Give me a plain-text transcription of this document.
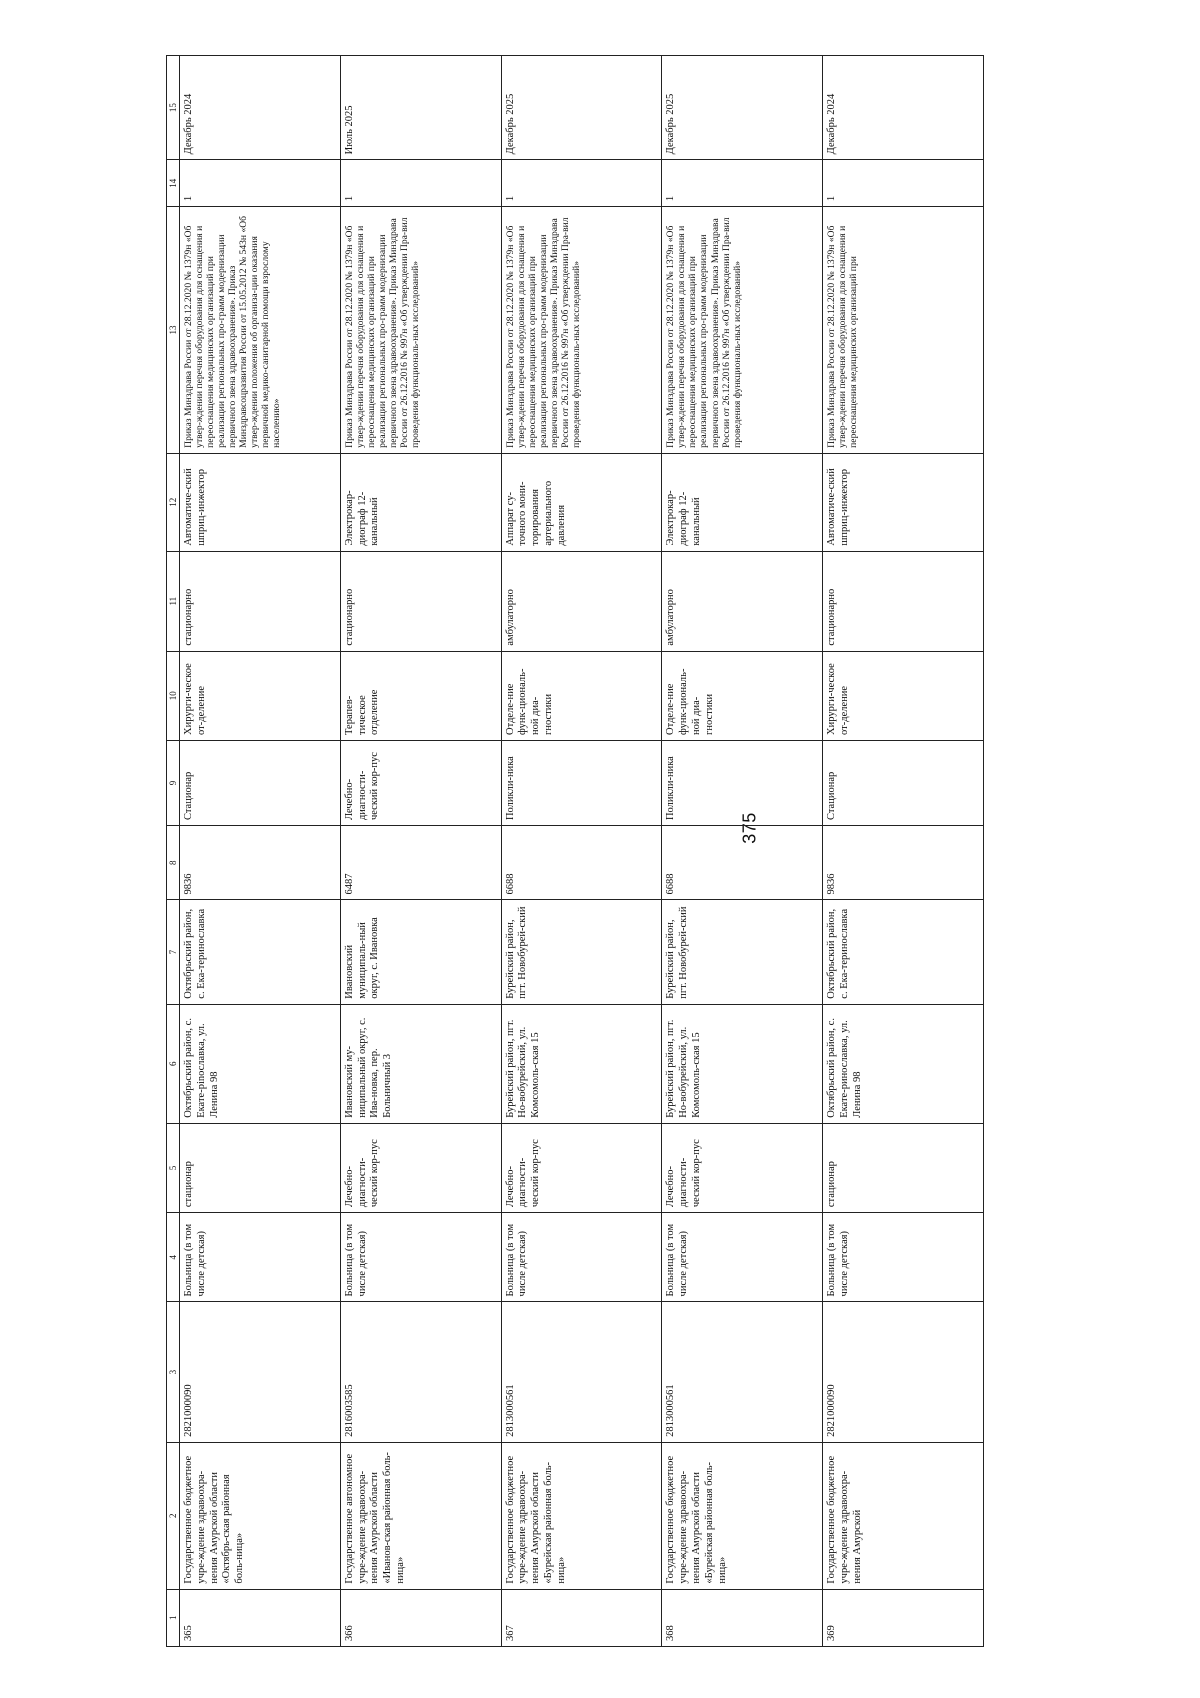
375
1	2	3	4	5	6	7	8	9	10	11	12	13	14	15
365	Государственное бюджетное учре-ждение здравоохра-нения Амурской области «Октябрь-ская районная боль-ница»	2821000090	Больница (в том числе детская)	стационар	Октябрьский район, с. Екате-рinославка, ул. Ленина 98	Октябрьский район, с. Ека-теринославка	9836	Стационар	Хирурги-ческое от-деление	стационарно	Автоматиче-ский шприц-инжектор	Приказ Минздрава России от 28.12.2020 № 1379н «Об утвер-ждении перечня оборудования для оснащения и переоснащения медицинских организаций при реализации региональных про-грамм модернизации первичного звена здравоохранения». Приказ Минздравсоцразвития России от 15.05.2012 № 543н «Об утвер-ждении положения об организа-ции оказания первичной медико-санитарной помощи взрослому населению»	1	Декабрь 2024
366	Государственное автономное учре-ждение здравоохра-нения Амурской области «Иванов-ская районная боль-ница»	2816003585	Больница (в том числе детская)	Лечебно-диагности-ческий кор-пус	Ивановский му-ниципальный округ, с. Ива-новка, пер. Больничный 3	Ивановский муниципаль-ный округ, с. Ивановка	6487	Лечебно-диагности-ческий кор-пус	Терапев-тическое отделение	стационарно	Электрокар-диограф 12-канальный	Приказ Минздрава России от 28.12.2020 № 1379н «Об утвер-ждении перечня оборудования для оснащения и переоснащения медицинских организаций при реализации региональных про-грамм модернизации первичного звена здравоохранения». Приказ Минздрава России от 26.12.2016 № 997н «Об утверждении Пра-вил проведения функциональ-ных исследований»	1	Июль 2025
367	Государственное бюджетное учре-ждение здравоохра-нения Амурской области «Бурейская районная боль-ница»	2813000561	Больница (в том числе детская)	Лечебно-диагности-ческий кор-пус	Бурейский район, пгт. Но-вобурейский, ул. Комсомоль-ская 15	Бурейский район, пгт. Новобурей-ский	6688	Поликли-ника	Отделе-ние функ-циональ-ной диа-гностики	амбулаторно	Аппарат су-точного мони-торирования артериального давления	Приказ Минздрава России от 28.12.2020 № 1379н «Об утвер-ждении перечня оборудования для оснащения и переоснащения медицинских организаций при реализации региональных про-грамм модернизации первичного звена здравоохранения». Приказ Минздрава России от 26.12.2016 № 997н «Об утверждении Пра-вил проведения функциональ-ных исследований»	1	Декабрь 2025
368	Государственное бюджетное учре-ждение здравоохра-нения Амурской области «Бурейская районная боль-ница»	2813000561	Больница (в том числе детская)	Лечебно-диагности-ческий кор-пус	Бурейский район, пгт. Но-вобурейский, ул. Комсомоль-ская 15	Бурейский район, пгт. Новобурей-ский	6688	Поликли-ника	Отделе-ние функ-циональ-ной диа-гностики	амбулаторно	Электрокар-диограф 12-канальный	Приказ Минздрава России от 28.12.2020 № 1379н «Об утвер-ждении перечня оборудования для оснащения и переоснащения медицинских организаций при реализации региональных про-грамм модернизации первичного звена здравоохранения». Приказ Минздрава России от 26.12.2016 № 997н «Об утверждении Пра-вил проведения функциональ-ных исследований»	1	Декабрь 2025
369	Государственное бюджетное учре-ждение здравоохра-нения Амурской	2821000090	Больница (в том числе детская)	стационар	Октябрьский район, с. Екате-ринославка, ул. Ленина 98	Октябрьский район, с. Ека-теринославка	9836	Стационар	Хирурги-ческое от-деление	стационарно	Автоматиче-ский шприц-инжектор	Приказ Минздрава России от 28.12.2020 № 1379н «Об утвер-ждении перечня оборудования для оснащения и переоснащения медицинских организаций при	1	Декабрь 2024
